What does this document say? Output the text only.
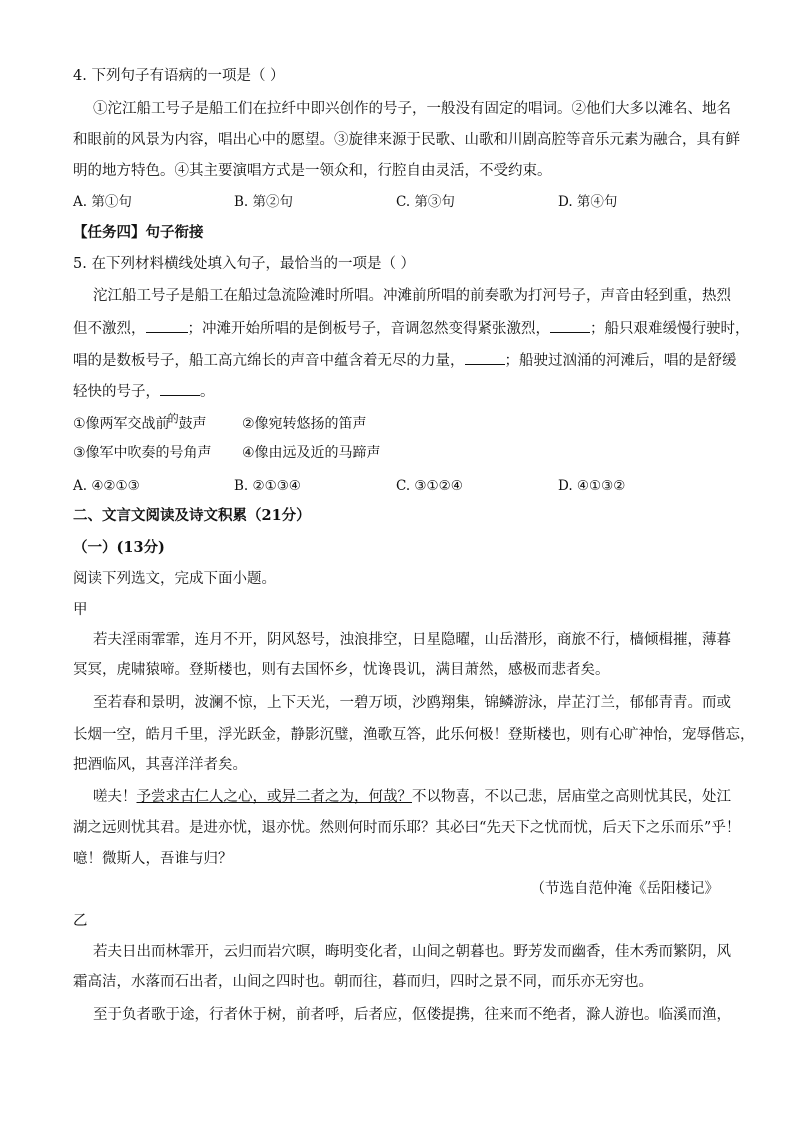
4. 下列句子有语病的一项是（ ）
①沱江船工号子是船工们在拉纤中即兴创作的号子，一般没有固定的唱词。②他们大多以滩名、地名
和眼前的风景为内容，唱出心中的愿望。③旋律来源于民歌、山歌和川剧高腔等音乐元素为融合，具有鲜
明的地方特色。④其主要演唱方式是一领众和，行腔自由灵活，不受约束。
A. 第①句	B. 第②句	C. 第③句	D. 第④句
【任务四】句子衔接
5. 在下列材料横线处填入句子，最恰当的一项是（ ）
沱江船工号子是船工在船过急流险滩时所唱。冲滩前所唱的前奏歌为打河号子，声音由轻到重，热烈
但不激烈，	；冲滩开始所唱的是倒板号子，音调忽然变得紧张激烈，	；船只艰难缓慢行驶时，
唱的是数板号子，船工高亢绵长的声音中蕴含着无尽的力量，	；船驶过汹涌的河滩后，唱的是舒缓
轻快的号子，	。
①像两军交战前$^的$鼓声	②像宛转悠扬的笛声
③像军中吹奏的号角声 ④像由远及近的马蹄声
A. ④②①③	B. ②①③④	C. ③①②④	D. ④①③②
二、文言文阅读及诗文积累（21分）
（一）(13分)
阅读下列选文，完成下面小题。
甲
若夫淫雨霏霏，连月不开，阴风怒号，浊浪排空，日星隐曜，山岳潜形，商旅不行，樯倾楫摧，薄暮
冥冥，虎啸猿啼。登斯楼也，则有去国怀乡，忧谗畏讥，满目萧然，感极而悲者矣。
至若春和景明，波澜不惊，上下天光，一碧万顷，沙鸥翔集，锦鳞游泳，岸芷汀兰，郁郁青青。而或
长烟一空，皓月千里，浮光跃金，静影沉璧，渔歌互答，此乐何极！登斯楼也，则有心旷神怡，宠辱偕忘，
把酒临风，其喜洋洋者矣。
嗟夫！予尝求古仁人之心，或异二者之为，何哉？不以物喜，不以己悲，居庙堂之高则忧其民，处江
湖之远则忧其君。是进亦忧，退亦忧。然则何时而乐耶？其必曰“先天下之忧而忧，后天下之乐而乐”乎！
噫！微斯人，吾谁与归？
（节选自范仲淹《岳阳楼记》
乙
若夫日出而林霏开，云归而岩穴暝，晦明变化者，山间之朝暮也。野芳发而幽香，佳木秀而繁阴，风
霜高洁，水落而石出者，山间之四时也。朝而往，暮而归，四时之景不同，而乐亦无穷也。
至于负者歌于途，行者休于树，前者呼，后者应，伛偻提携，往来而不绝者，滁人游也。临溪而渔，
